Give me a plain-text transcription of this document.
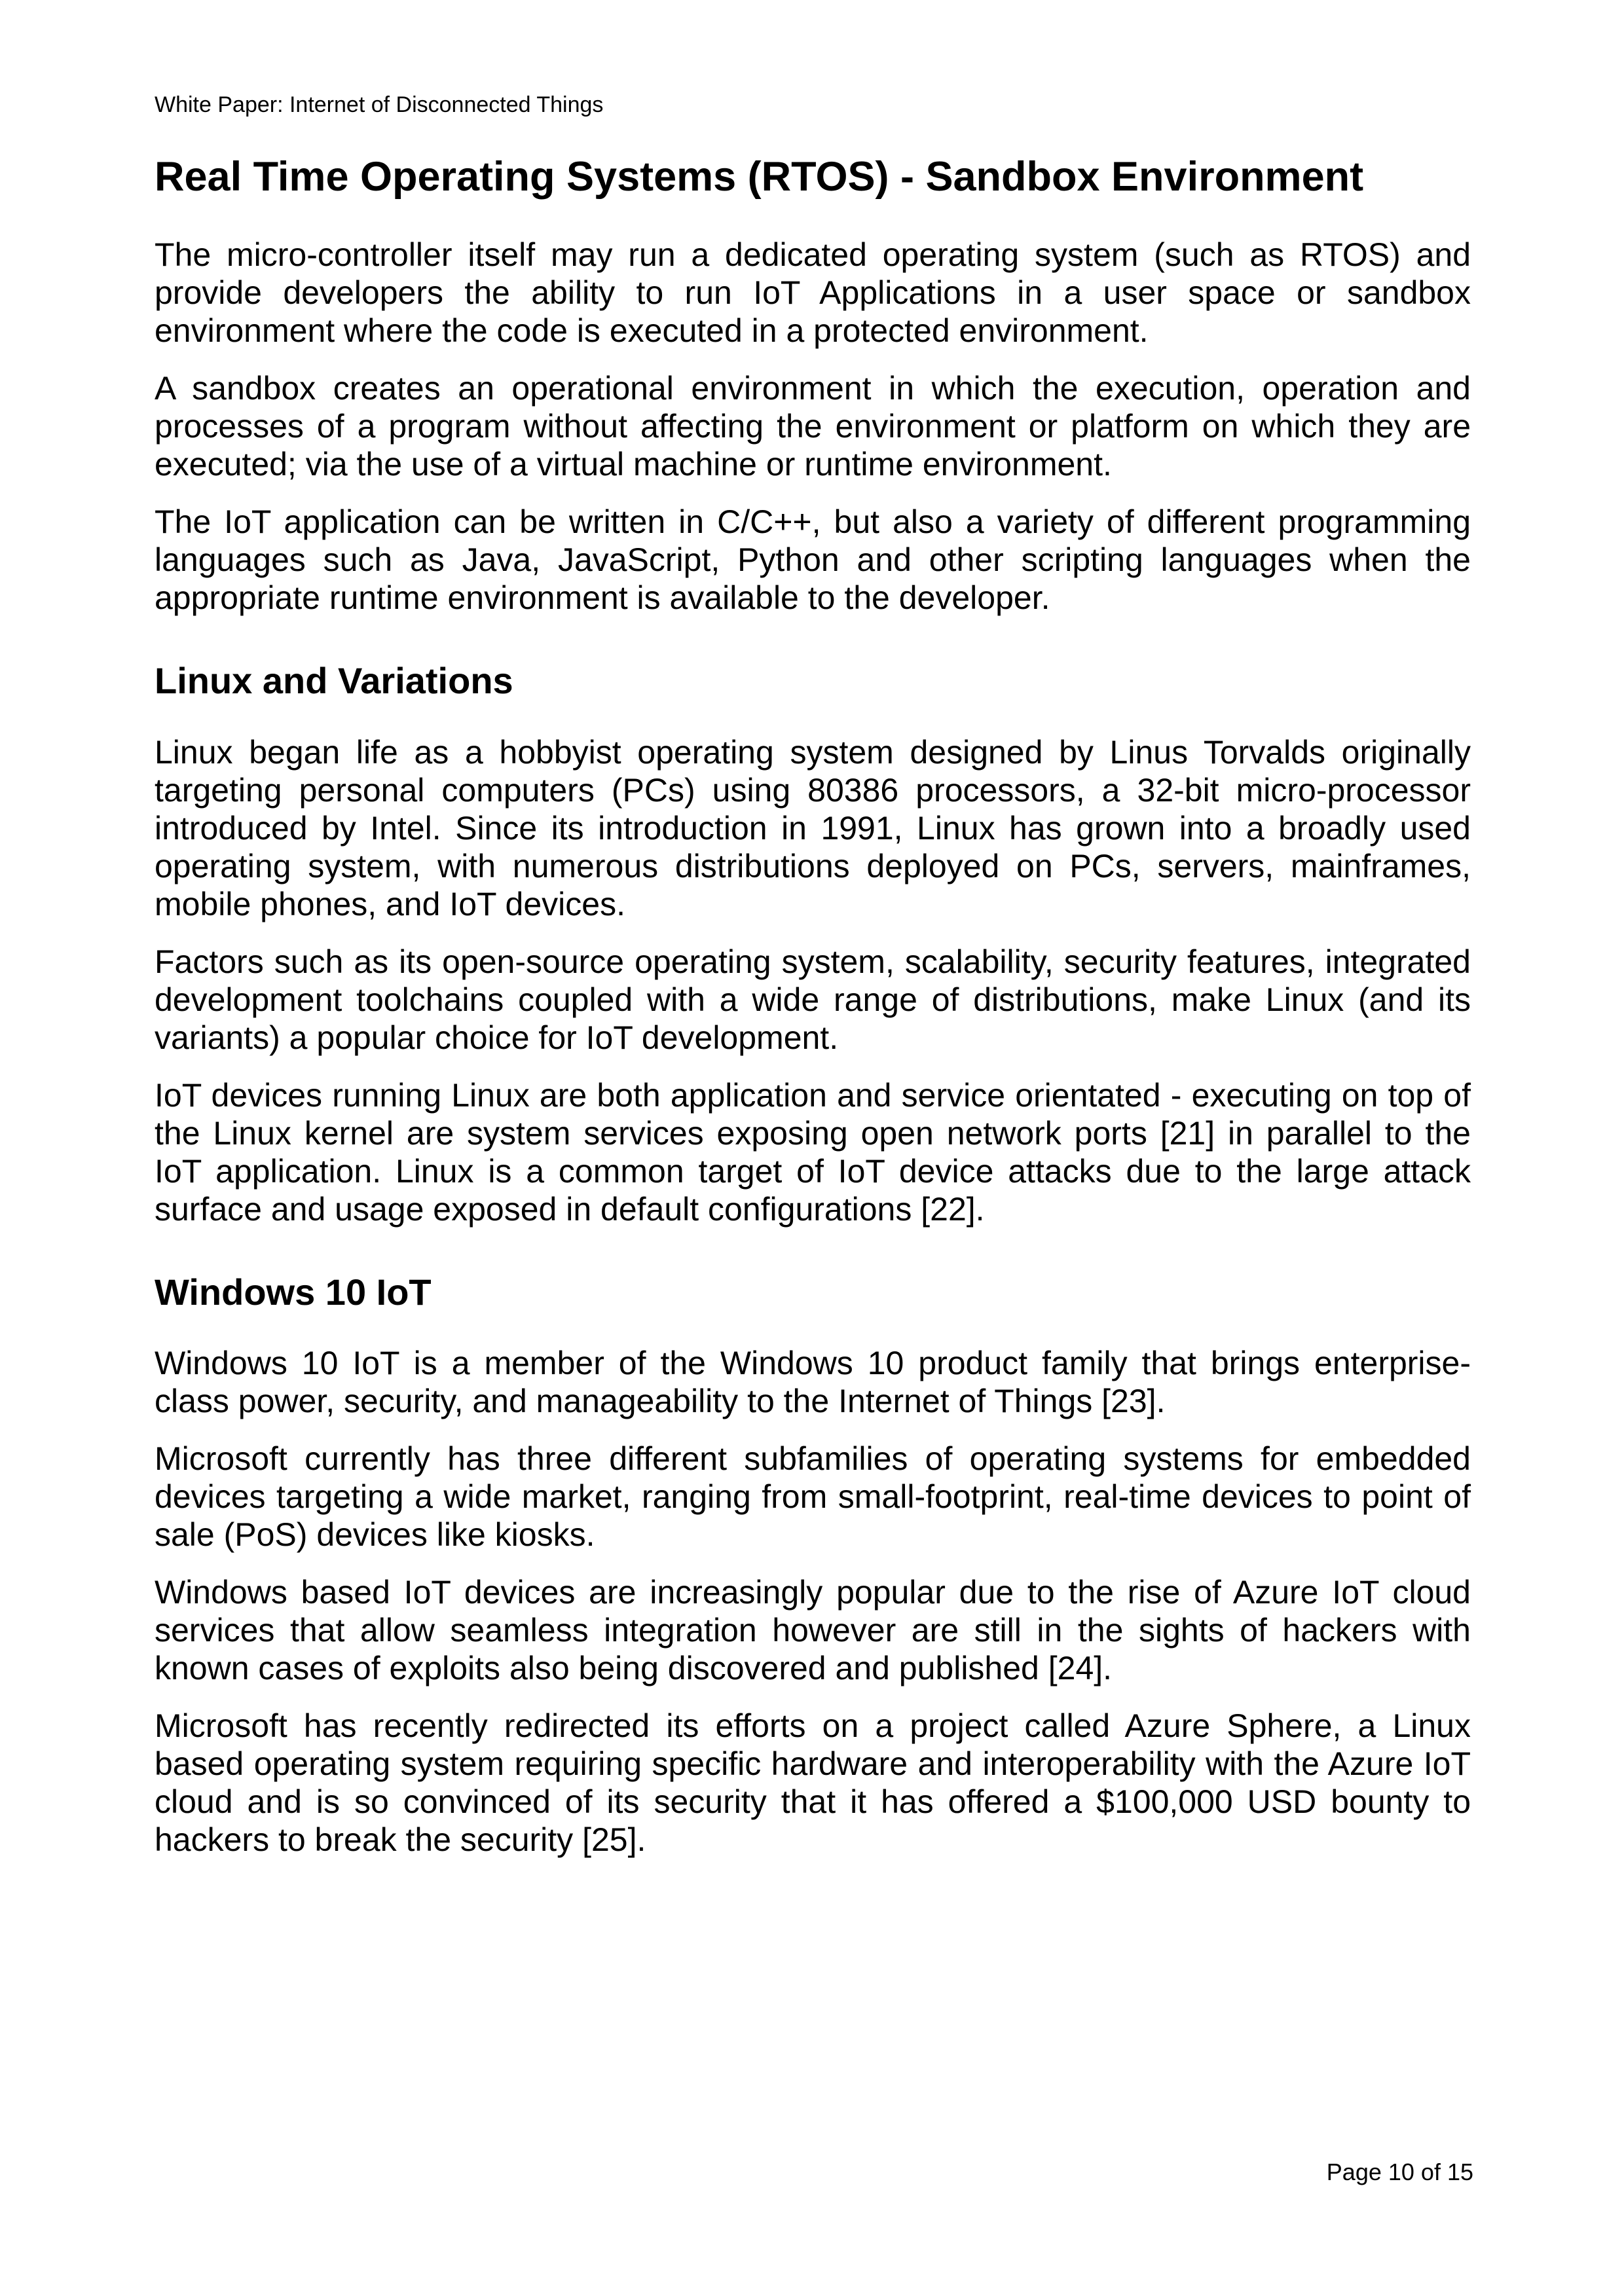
White Paper: Internet of Disconnected Things
Real Time Operating Systems (RTOS) - Sandbox Environment

The micro-controller itself may run a dedicated operating system (such as RTOS) and provide developers the ability to run IoT Applications in a user space or sandbox environment where the code is executed in a protected environment.

A sandbox creates an operational environment in which the execution, operation and processes of a program without affecting the environment or platform on which they are executed; via the use of a virtual machine or runtime environment.

The IoT application can be written in C/C++, but also a variety of different programming languages such as Java, JavaScript, Python and other scripting languages when the appropriate runtime environment is available to the developer.

Linux and Variations

Linux began life as a hobbyist operating system designed by Linus Torvalds originally targeting personal computers (PCs) using 80386 processors, a 32-bit micro-processor introduced by Intel. Since its introduction in 1991, Linux has grown into a broadly used operating system, with numerous distributions deployed on PCs, servers, mainframes, mobile phones, and IoT devices.

Factors such as its open-source operating system, scalability, security features, integrated development toolchains coupled with a wide range of distributions, make Linux (and its variants) a popular choice for IoT development.

IoT devices running Linux are both application and service orientated - executing on top of the Linux kernel are system services exposing open network ports [21] in parallel to the IoT application. Linux is a common target of IoT device attacks due to the large attack surface and usage exposed in default configurations [22].

Windows 10 IoT

Windows 10 IoT is a member of the Windows 10 product family that brings enterprise-class power, security, and manageability to the Internet of Things [23].

Microsoft currently has three different subfamilies of operating systems for embedded devices targeting a wide market, ranging from small-footprint, real-time devices to point of sale (PoS) devices like kiosks.

Windows based IoT devices are increasingly popular due to the rise of Azure IoT cloud services that allow seamless integration however are still in the sights of hackers with known cases of exploits also being discovered and published [24].

Microsoft has recently redirected its efforts on a project called Azure Sphere, a Linux based operating system requiring specific hardware and interoperability with the Azure IoT cloud and is so convinced of its security that it has offered a $100,000 USD bounty to hackers to break the security [25].

Page 10 of 15
